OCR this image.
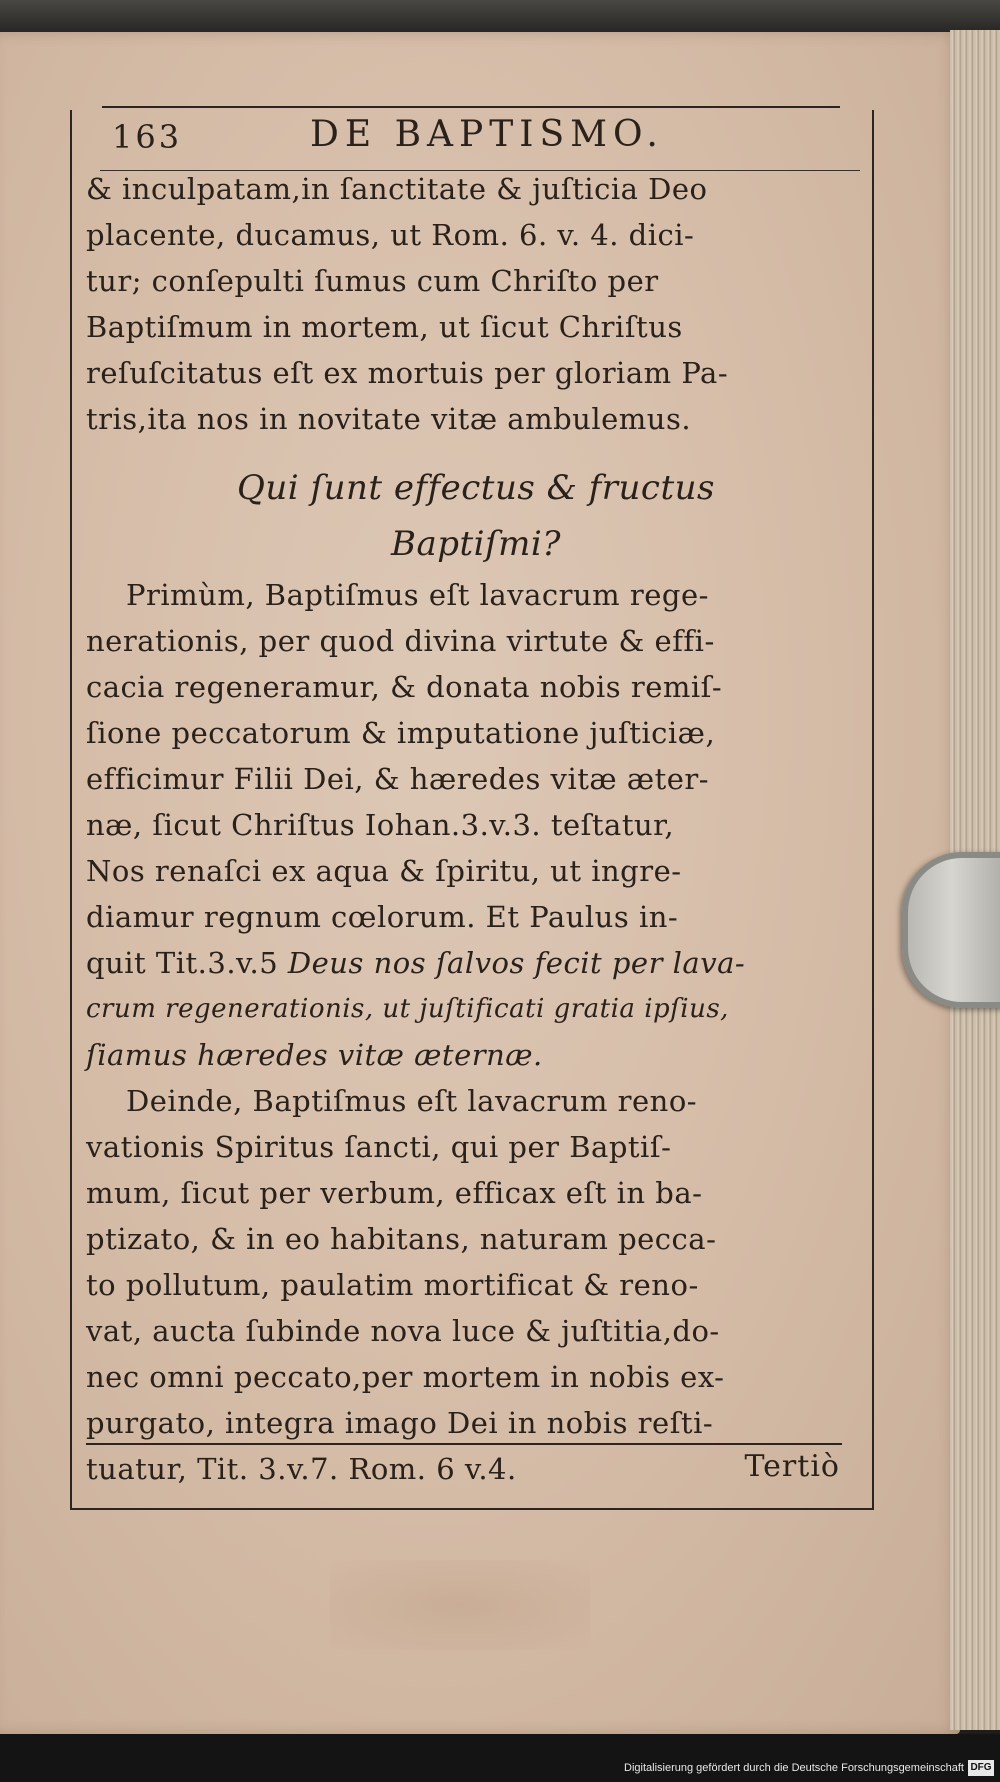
163	DE BAPTISMO.
& inculpatam,in ſanctitate & juſticia Deo
placente, ducamus, ut Rom. 6. v. 4. dici-
tur; conſepulti ſumus cum Chriſto per
Baptiſmum in mortem, ut ſicut Chriſtus
reſuſcitatus eſt ex mortuis per gloriam Pa-
tris,ita nos in novitate vitæ ambulemus.
Qui ſunt effectus & fructus
Baptiſmi?
Primùm, Baptiſmus eſt lavacrum rege-
nerationis, per quod divina virtute & effi-
cacia regeneramur, & donata nobis remiſ-
ſione peccatorum & imputatione juſticiæ,
efficimur Filii Dei, & hæredes vitæ æter-
næ, ſicut Chriſtus Iohan.3.v.3. teſtatur,
Nos renaſci ex aqua & ſpiritu, ut ingre-
diamur regnum cœlorum. Et Paulus in-
quit Tit.3.v.5 Deus nos ſalvos fecit per lava-
crum regenerationis, ut juſtificati gratia ipſius,
ſiamus hæredes vitæ æternæ.
Deinde, Baptiſmus eſt lavacrum reno-
vationis Spiritus ſancti, qui per Baptiſ-
mum, ſicut per verbum, efficax eſt in ba-
ptizato, & in eo habitans, naturam pecca-
to pollutum, paulatim mortificat & reno-
vat, aucta ſubinde nova luce & juſtitia,do-
nec omni peccato,per mortem in nobis ex-
purgato, integra imago Dei in nobis reſti-
tuatur, Tit. 3.v.7. Rom. 6 v.4.	Tertiò
Digitalisierung gefördert durch die Deutsche Forschungsgemeinschaft DFG
